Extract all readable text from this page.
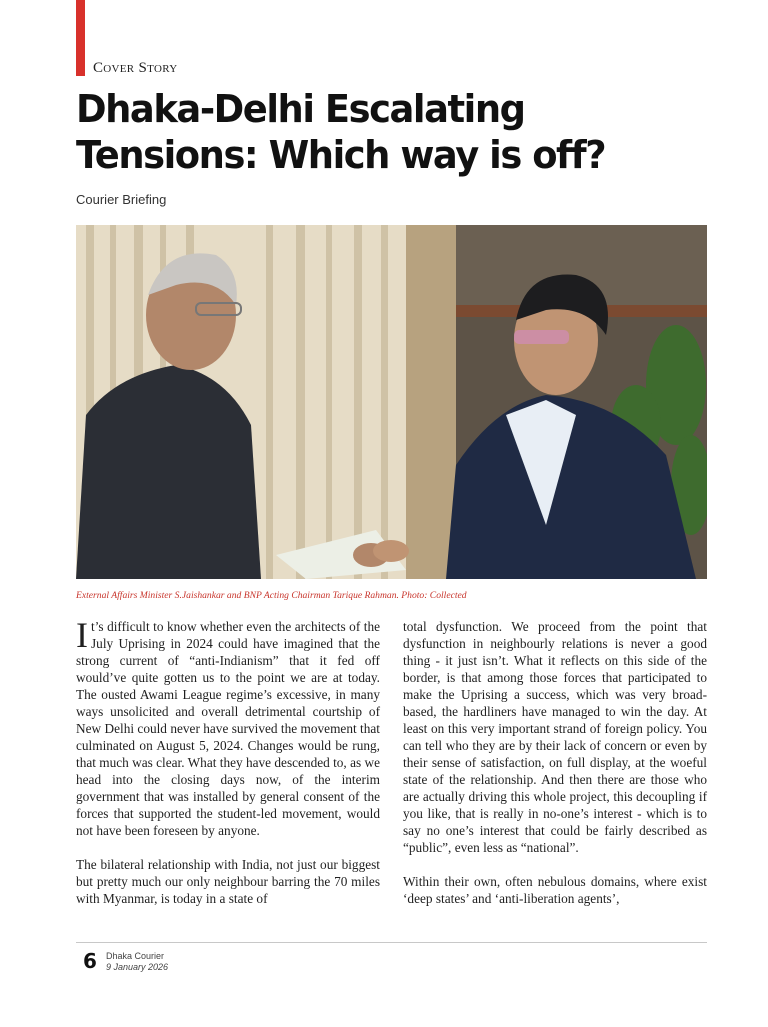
Cover Story
Dhaka-Delhi Escalating Tensions: Which way is off?
Courier Briefing
External Affairs Minister S.Jaishankar and BNP Acting Chairman Tarique Rahman. Photo: Collected

It’s difficult to know whether even the architects of the July Uprising in 2024 could have imagined that the strong current of “anti-Indianism” that it fed off would’ve quite gotten us to the point we are at today. The ousted Awami League regime’s excessive, in many ways unsolicited and overall detrimental courtship of New Delhi could never have survived the movement that culminated on August 5, 2024. Changes would be rung, that much was clear. What they have descended to, as we head into the closing days now, of the interim government that was installed by general consent of the forces that supported the student-led movement, would not have been foreseen by anyone.

The bilateral relationship with India, not just our biggest but pretty much our only neighbour barring the 70 miles with Myanmar, is today in a state of

total dysfunction. We proceed from the point that dysfunction in neighbourly relations is never a good thing - it just isn’t. What it reflects on this side of the border, is that among those forces that participated to make the Uprising a success, which was very broad-based, the hardliners have managed to win the day. At least on this very important strand of foreign policy. You can tell who they are by their lack of concern or even by their sense of satisfaction, on full display, at the woeful state of the relationship. And then there are those who are actually driving this whole project, this decoupling if you like, that is really in no-one’s interest - which is to say no one’s interest that could be fairly described as “public”, even less as “national”.

Within their own, often nebulous domains, where exist ‘deep states’ and ‘anti-liberation agents’,

6 Dhaka Courier
9 January 2026
